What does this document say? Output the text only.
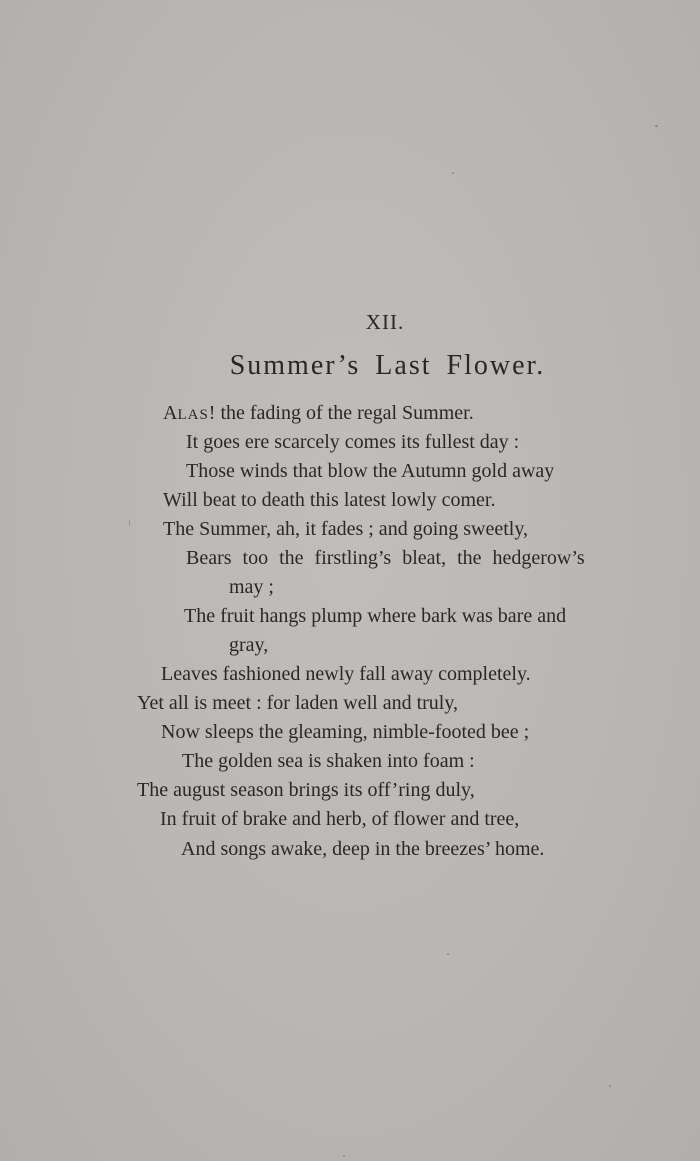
XII.
Summer’s Last Flower.
ALAS! the fading of the regal Summer.
It goes ere scarcely comes its fullest day :
Those winds that blow the Autumn gold away
Will beat to death this latest lowly comer.
The Summer, ah, it fades ; and going sweetly,
Bears too the firstling’s bleat, the hedgerow’s
may ;
The fruit hangs plump where bark was bare and
gray,
Leaves fashioned newly fall away completely.
Yet all is meet : for laden well and truly,
Now sleeps the gleaming, nimble-footed bee ;
The golden sea is shaken into foam :
The august season brings its off’ring duly,
In fruit of brake and herb, of flower and tree,
And songs awake, deep in the breezes’ home.
